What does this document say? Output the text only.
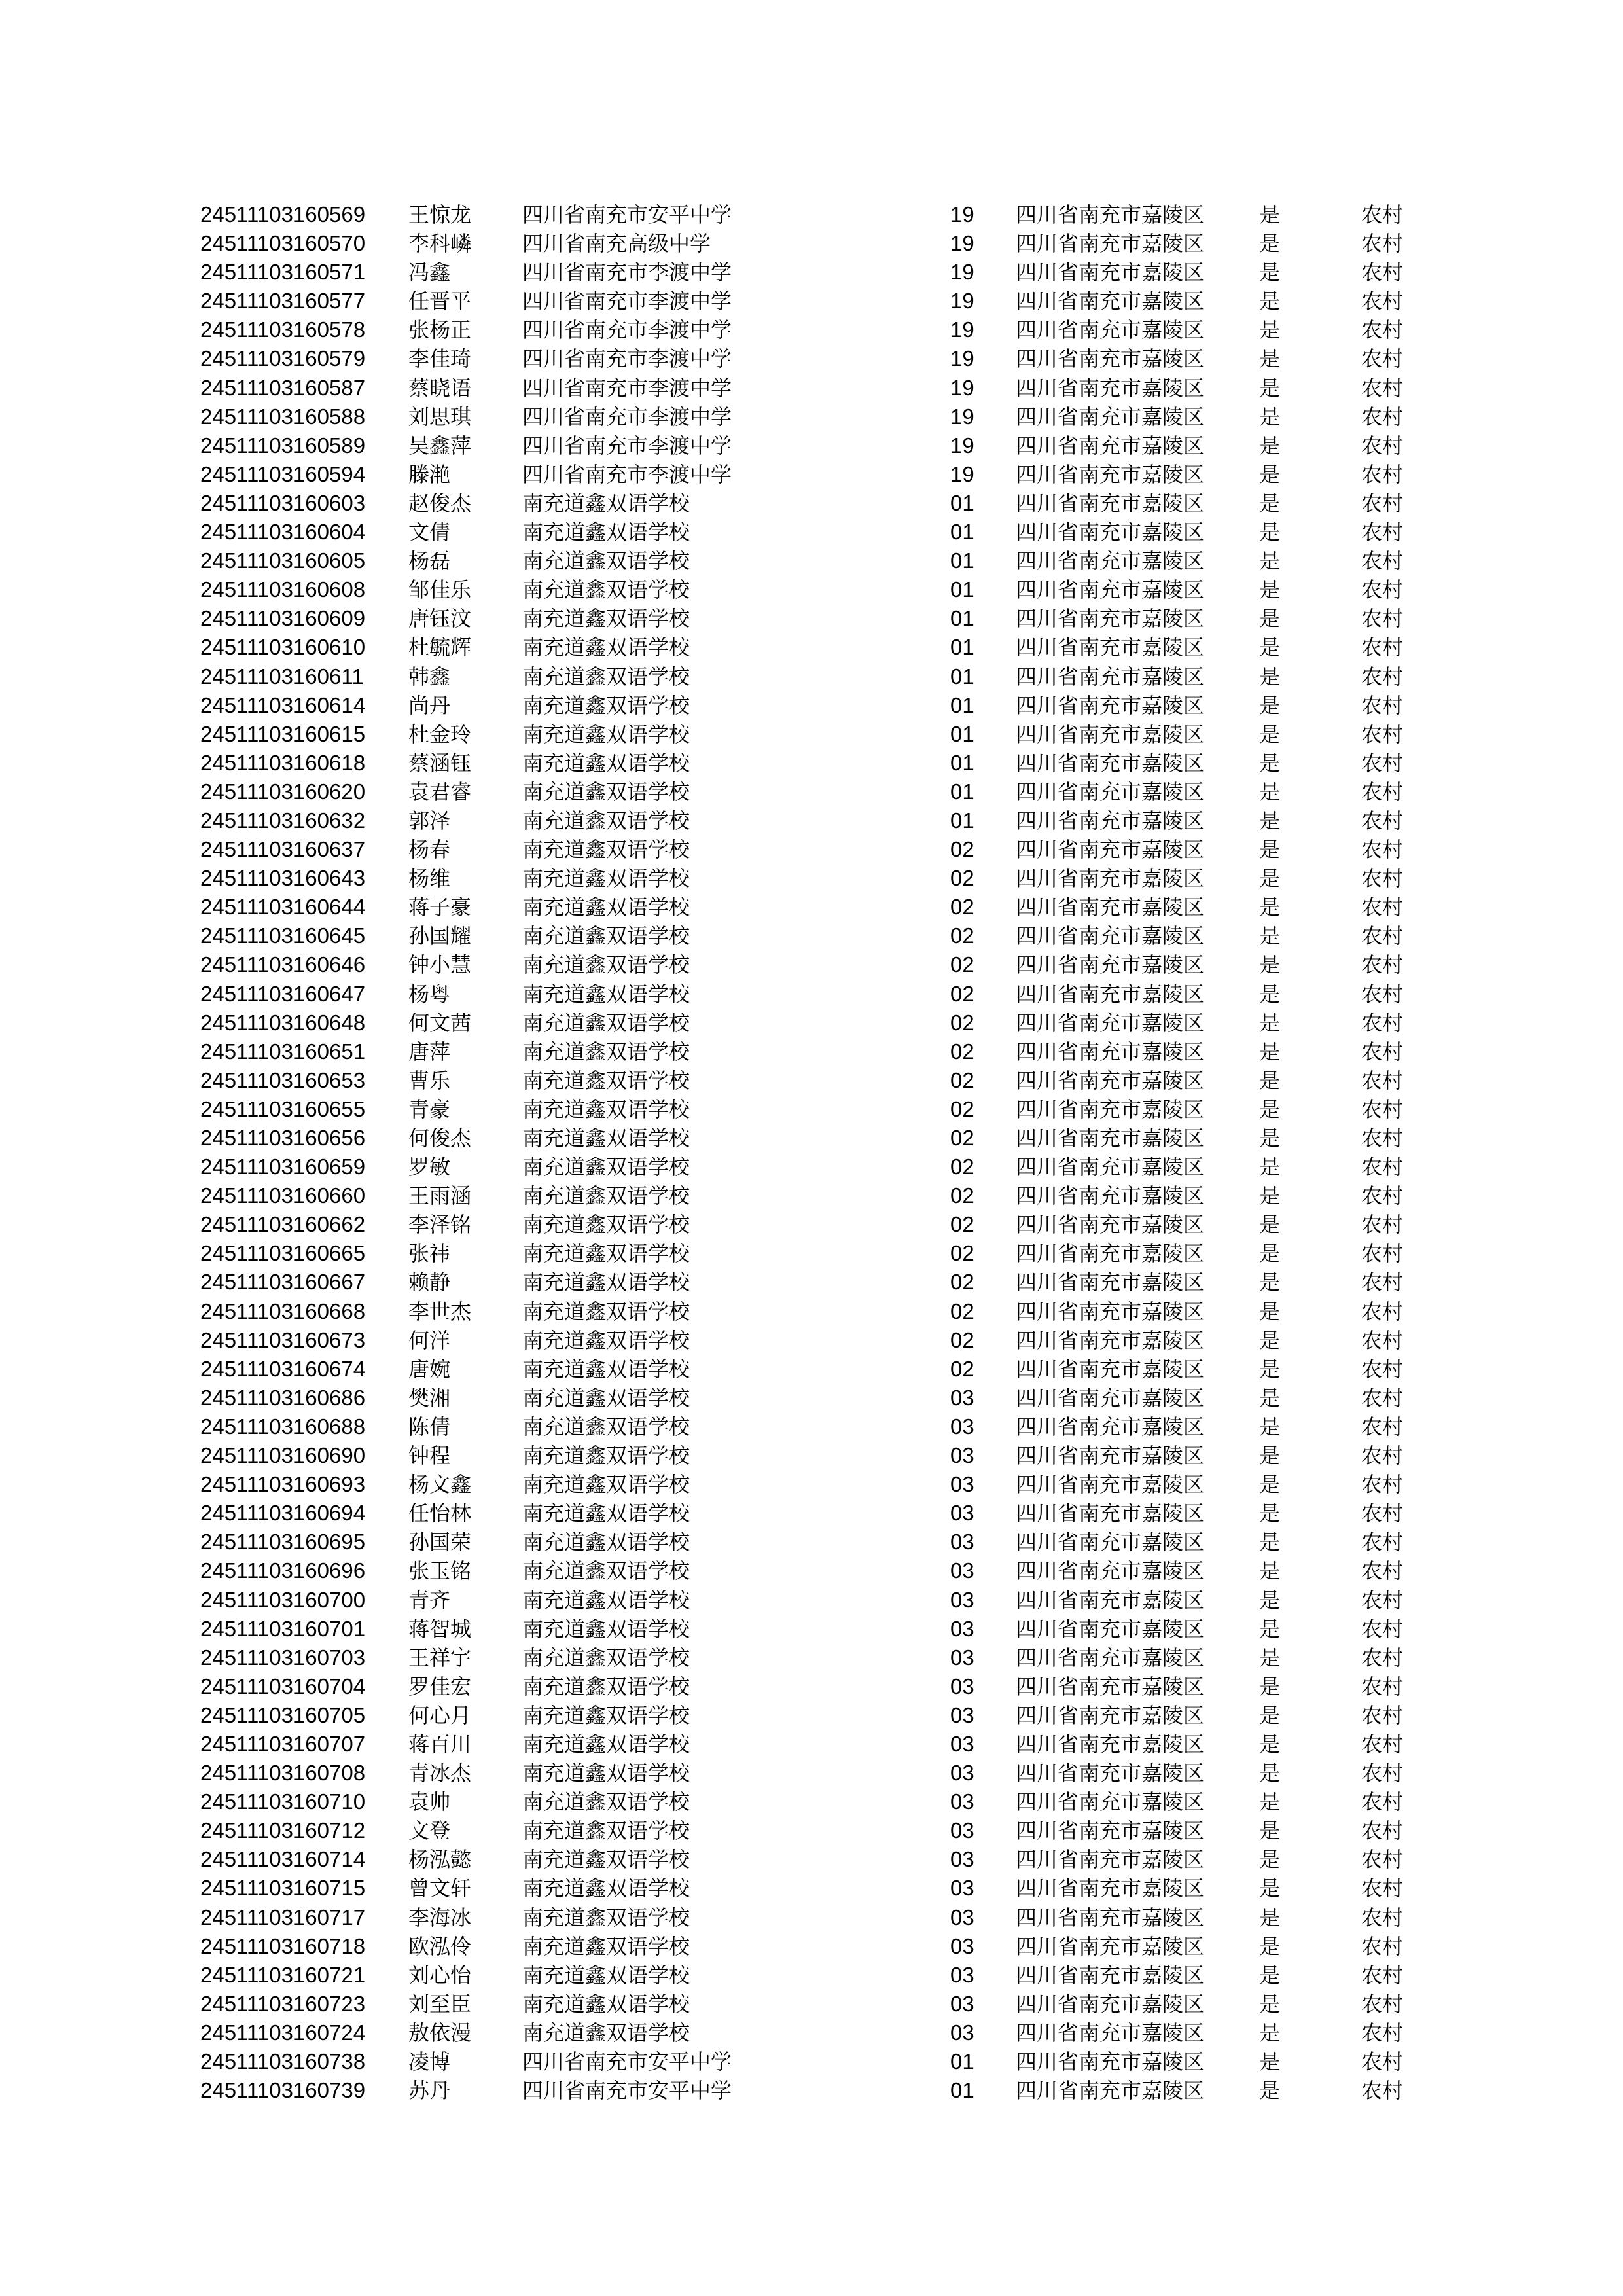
24511103160569 王惊龙 四川省南充市安平中学	19 四川省南充市嘉陵区	是	农村
24511103160570 李科嶙 四川省南充高级中学	19 四川省南充市嘉陵区	是	农村
24511103160571 冯鑫	四川省南充市李渡中学	19 四川省南充市嘉陵区	是	农村
24511103160577 任晋平 四川省南充市李渡中学	19 四川省南充市嘉陵区	是	农村
24511103160578 张杨正 四川省南充市李渡中学	19 四川省南充市嘉陵区	是	农村
24511103160579 李佳琦 四川省南充市李渡中学	19 四川省南充市嘉陵区	是	农村
24511103160587 蔡晓语 四川省南充市李渡中学	19 四川省南充市嘉陵区	是	农村
24511103160588 刘思琪 四川省南充市李渡中学	19 四川省南充市嘉陵区	是	农村
24511103160589 吴鑫萍 四川省南充市李渡中学	19 四川省南充市嘉陵区	是	农村
24511103160594 滕滟	四川省南充市李渡中学	19 四川省南充市嘉陵区	是	农村
24511103160603 赵俊杰 南充道鑫双语学校	01 四川省南充市嘉陵区	是	农村
24511103160604 文倩	南充道鑫双语学校	01 四川省南充市嘉陵区	是	农村
24511103160605 杨磊	南充道鑫双语学校	01 四川省南充市嘉陵区	是	农村
24511103160608 邹佳乐 南充道鑫双语学校	01 四川省南充市嘉陵区	是	农村
24511103160609 唐钰汶 南充道鑫双语学校	01 四川省南充市嘉陵区	是	农村
24511103160610 杜毓辉 南充道鑫双语学校	01 四川省南充市嘉陵区	是	农村
24511103160611 韩鑫	南充道鑫双语学校	01 四川省南充市嘉陵区	是	农村
24511103160614 尚丹	南充道鑫双语学校	01 四川省南充市嘉陵区	是	农村
24511103160615 杜金玲 南充道鑫双语学校	01 四川省南充市嘉陵区	是	农村
24511103160618 蔡涵钰 南充道鑫双语学校	01 四川省南充市嘉陵区	是	农村
24511103160620 袁君睿 南充道鑫双语学校	01 四川省南充市嘉陵区	是	农村
24511103160632 郭泽	南充道鑫双语学校	01 四川省南充市嘉陵区	是	农村
24511103160637 杨春	南充道鑫双语学校	02 四川省南充市嘉陵区	是	农村
24511103160643 杨维	南充道鑫双语学校	02 四川省南充市嘉陵区	是	农村
24511103160644 蒋子豪 南充道鑫双语学校	02 四川省南充市嘉陵区	是	农村
24511103160645 孙国耀 南充道鑫双语学校	02 四川省南充市嘉陵区	是	农村
24511103160646 钟小慧 南充道鑫双语学校	02 四川省南充市嘉陵区	是	农村
24511103160647 杨粤	南充道鑫双语学校	02 四川省南充市嘉陵区	是	农村
24511103160648 何文茜 南充道鑫双语学校	02 四川省南充市嘉陵区	是	农村
24511103160651 唐萍	南充道鑫双语学校	02 四川省南充市嘉陵区	是	农村
24511103160653 曹乐	南充道鑫双语学校	02 四川省南充市嘉陵区	是	农村
24511103160655 青豪	南充道鑫双语学校	02 四川省南充市嘉陵区	是	农村
24511103160656 何俊杰 南充道鑫双语学校	02 四川省南充市嘉陵区	是	农村
24511103160659 罗敏	南充道鑫双语学校	02 四川省南充市嘉陵区	是	农村
24511103160660 王雨涵 南充道鑫双语学校	02 四川省南充市嘉陵区	是	农村
24511103160662 李泽铭 南充道鑫双语学校	02 四川省南充市嘉陵区	是	农村
24511103160665 张祎	南充道鑫双语学校	02 四川省南充市嘉陵区	是	农村
24511103160667 赖静	南充道鑫双语学校	02 四川省南充市嘉陵区	是	农村
24511103160668 李世杰 南充道鑫双语学校	02 四川省南充市嘉陵区	是	农村
24511103160673 何洋	南充道鑫双语学校	02 四川省南充市嘉陵区	是	农村
24511103160674 唐婉	南充道鑫双语学校	02 四川省南充市嘉陵区	是	农村
24511103160686 樊湘	南充道鑫双语学校	03 四川省南充市嘉陵区	是	农村
24511103160688 陈倩	南充道鑫双语学校	03 四川省南充市嘉陵区	是	农村
24511103160690 钟程	南充道鑫双语学校	03 四川省南充市嘉陵区	是	农村
24511103160693 杨文鑫 南充道鑫双语学校	03 四川省南充市嘉陵区	是	农村
24511103160694 任怡林 南充道鑫双语学校	03 四川省南充市嘉陵区	是	农村
24511103160695 孙国荣 南充道鑫双语学校	03 四川省南充市嘉陵区	是	农村
24511103160696 张玉铭 南充道鑫双语学校	03 四川省南充市嘉陵区	是	农村
24511103160700 青齐	南充道鑫双语学校	03 四川省南充市嘉陵区	是	农村
24511103160701 蒋智城 南充道鑫双语学校	03 四川省南充市嘉陵区	是	农村
24511103160703 王祥宇 南充道鑫双语学校	03 四川省南充市嘉陵区	是	农村
24511103160704 罗佳宏 南充道鑫双语学校	03 四川省南充市嘉陵区	是	农村
24511103160705 何心月 南充道鑫双语学校	03 四川省南充市嘉陵区	是	农村
24511103160707 蒋百川 南充道鑫双语学校	03 四川省南充市嘉陵区	是	农村
24511103160708 青冰杰 南充道鑫双语学校	03 四川省南充市嘉陵区	是	农村
24511103160710 袁帅	南充道鑫双语学校	03 四川省南充市嘉陵区	是	农村
24511103160712 文登	南充道鑫双语学校	03 四川省南充市嘉陵区	是	农村
24511103160714 杨泓懿 南充道鑫双语学校	03 四川省南充市嘉陵区	是	农村
24511103160715 曾文轩 南充道鑫双语学校	03 四川省南充市嘉陵区	是	农村
24511103160717 李海冰 南充道鑫双语学校	03 四川省南充市嘉陵区	是	农村
24511103160718 欧泓伶 南充道鑫双语学校	03 四川省南充市嘉陵区	是	农村
24511103160721 刘心怡 南充道鑫双语学校	03 四川省南充市嘉陵区	是	农村
24511103160723 刘至臣 南充道鑫双语学校	03 四川省南充市嘉陵区	是	农村
24511103160724 敖依漫 南充道鑫双语学校	03 四川省南充市嘉陵区	是	农村
24511103160738 凌博	四川省南充市安平中学	01 四川省南充市嘉陵区	是	农村
24511103160739 苏丹	四川省南充市安平中学	01 四川省南充市嘉陵区	是	农村
